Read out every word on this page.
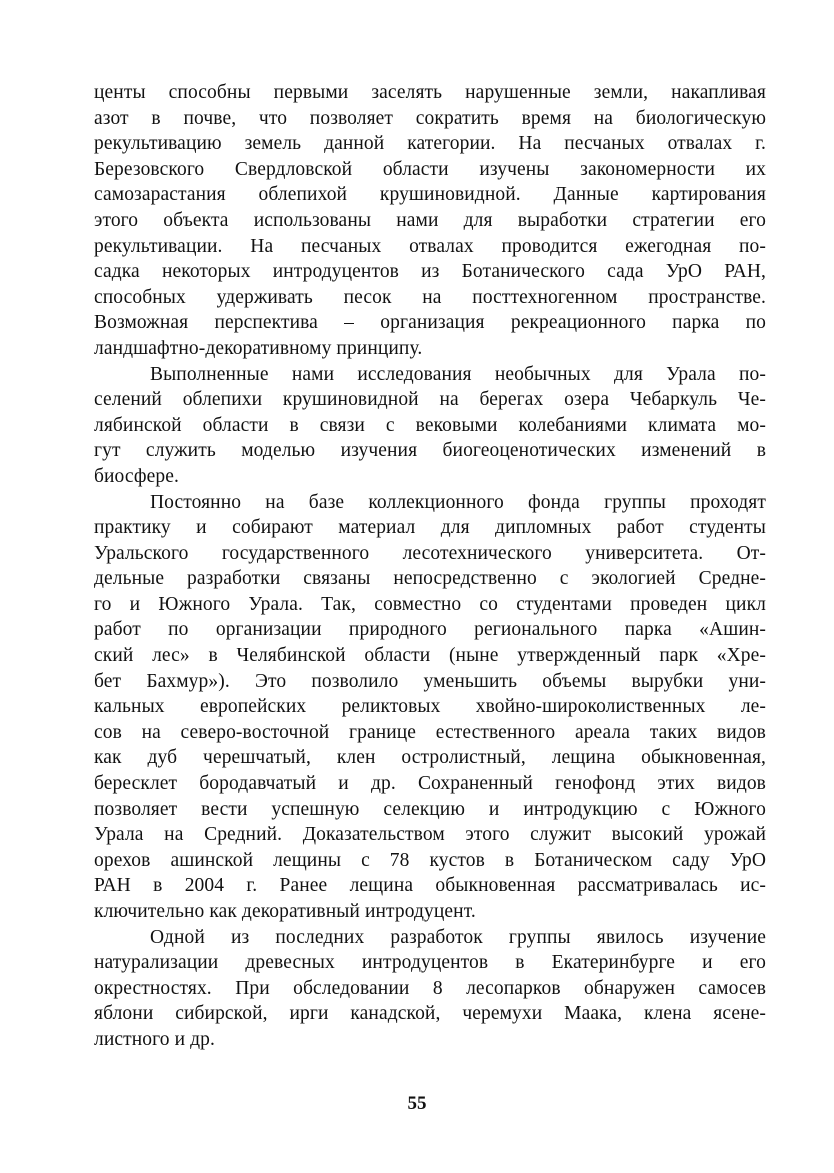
центы способны первыми заселять нарушенные земли, накапливая
азот в почве, что позволяет сократить время на биологическую
рекультивацию земель данной категории. На песчаных отвалах г.
Березовского Свердловской области изучены закономерности их
самозарастания облепихой крушиновидной. Данные картирования
этого объекта использованы нами для выработки стратегии его
рекультивации. На песчаных отвалах проводится ежегодная по-
садка некоторых интродуцентов из Ботанического сада УрО РАН,
способных удерживать песок на посттехногенном пространстве.
Возможная перспектива – организация рекреационного парка по
ландшафтно-декоративному принципу.
Выполненные нами исследования необычных для Урала по-
селений облепихи крушиновидной на берегах озера Чебаркуль Че-
лябинской области в связи с вековыми колебаниями климата мо-
гут служить моделью изучения биогеоценотических изменений в
биосфере.
Постоянно на базе коллекционного фонда группы проходят
практику и собирают материал для дипломных работ студенты
Уральского государственного лесотехнического университета. От-
дельные разработки связаны непосредственно с экологией Средне-
го и Южного Урала. Так, совместно со студентами проведен цикл
работ по организации природного регионального парка «Ашин-
ский лес» в Челябинской области (ныне утвержденный парк «Хре-
бет Бахмур»). Это позволило уменьшить объемы вырубки уни-
кальных европейских реликтовых хвойно-широколиственных ле-
сов на северо-восточной границе естественного ареала таких видов
как дуб черешчатый, клен остролистный, лещина обыкновенная,
бересклет бородавчатый и др. Сохраненный генофонд этих видов
позволяет вести успешную селекцию и интродукцию с Южного
Урала на Средний. Доказательством этого служит высокий урожай
орехов ашинской лещины с 78 кустов в Ботаническом саду УрО
РАН в 2004 г. Ранее лещина обыкновенная рассматривалась ис-
ключительно как декоративный интродуцент.
Одной из последних разработок группы явилось изучение
натурализации древесных интродуцентов в Екатеринбурге и его
окрестностях. При обследовании 8 лесопарков обнаружен самосев
яблони сибирской, ирги канадской, черемухи Маака, клена ясене-
листного и др.
55
